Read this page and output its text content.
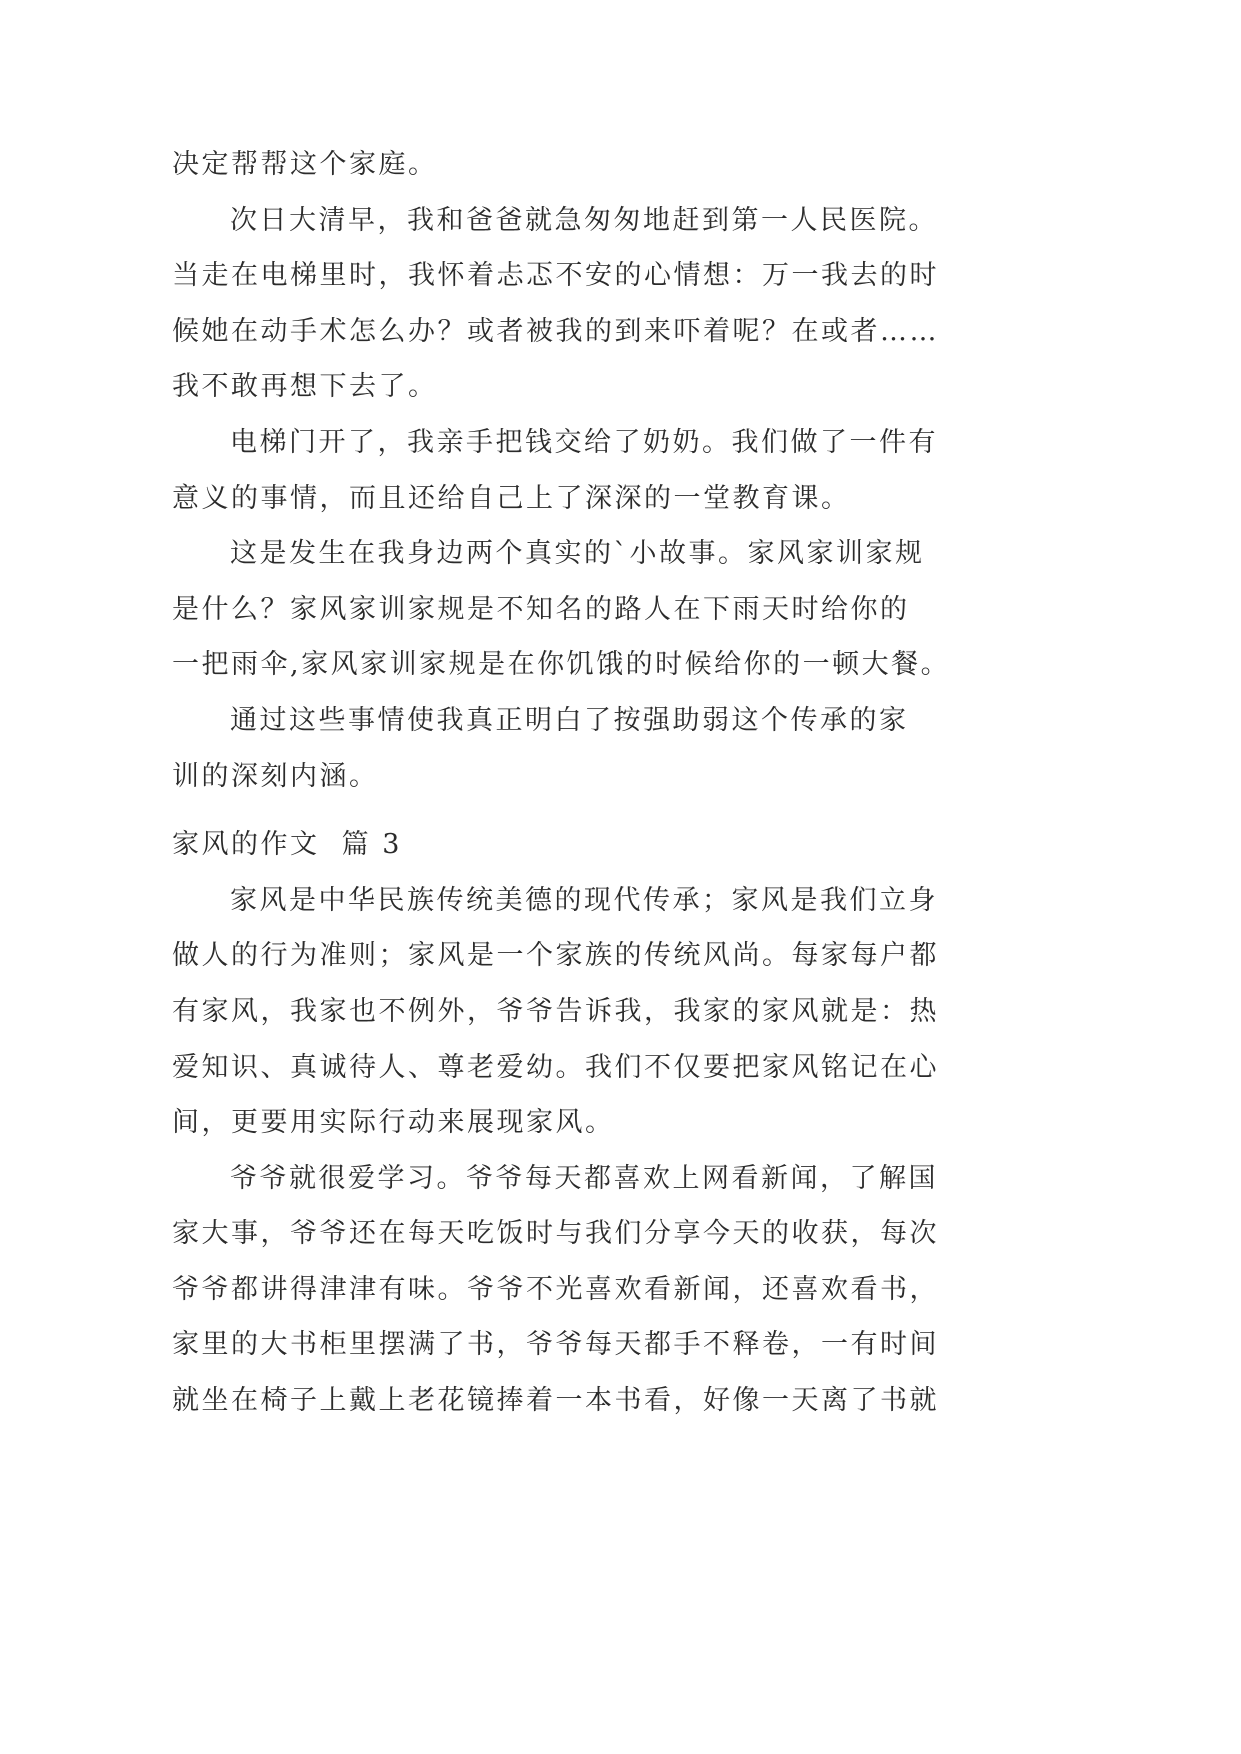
决定帮帮这个家庭。
次日大清早，我和爸爸就急匆匆地赶到第一人民医院。
当走在电梯里时，我怀着忐忑不安的心情想：万一我去的时
候她在动手术怎么办？或者被我的到来吓着呢？在或者……
我不敢再想下去了。
电梯门开了，我亲手把钱交给了奶奶。我们做了一件有
意义的事情，而且还给自己上了深深的一堂教育课。
这是发生在我身边两个真实的`小故事。家风家训家规
是什么？家风家训家规是不知名的路人在下雨天时给你的
一把雨伞,家风家训家规是在你饥饿的时候给你的一顿大餐。
通过这些事情使我真正明白了按强助弱这个传承的家
训的深刻内涵。
家风的作文  篇 3
家风是中华民族传统美德的现代传承；家风是我们立身
做人的行为准则；家风是一个家族的传统风尚。每家每户都
有家风，我家也不例外，爷爷告诉我，我家的家风就是：热
爱知识、真诚待人、尊老爱幼。我们不仅要把家风铭记在心
间，更要用实际行动来展现家风。
爷爷就很爱学习。爷爷每天都喜欢上网看新闻，了解国
家大事，爷爷还在每天吃饭时与我们分享今天的收获，每次
爷爷都讲得津津有味。爷爷不光喜欢看新闻，还喜欢看书，
家里的大书柜里摆满了书，爷爷每天都手不释卷，一有时间
就坐在椅子上戴上老花镜捧着一本书看，好像一天离了书就
